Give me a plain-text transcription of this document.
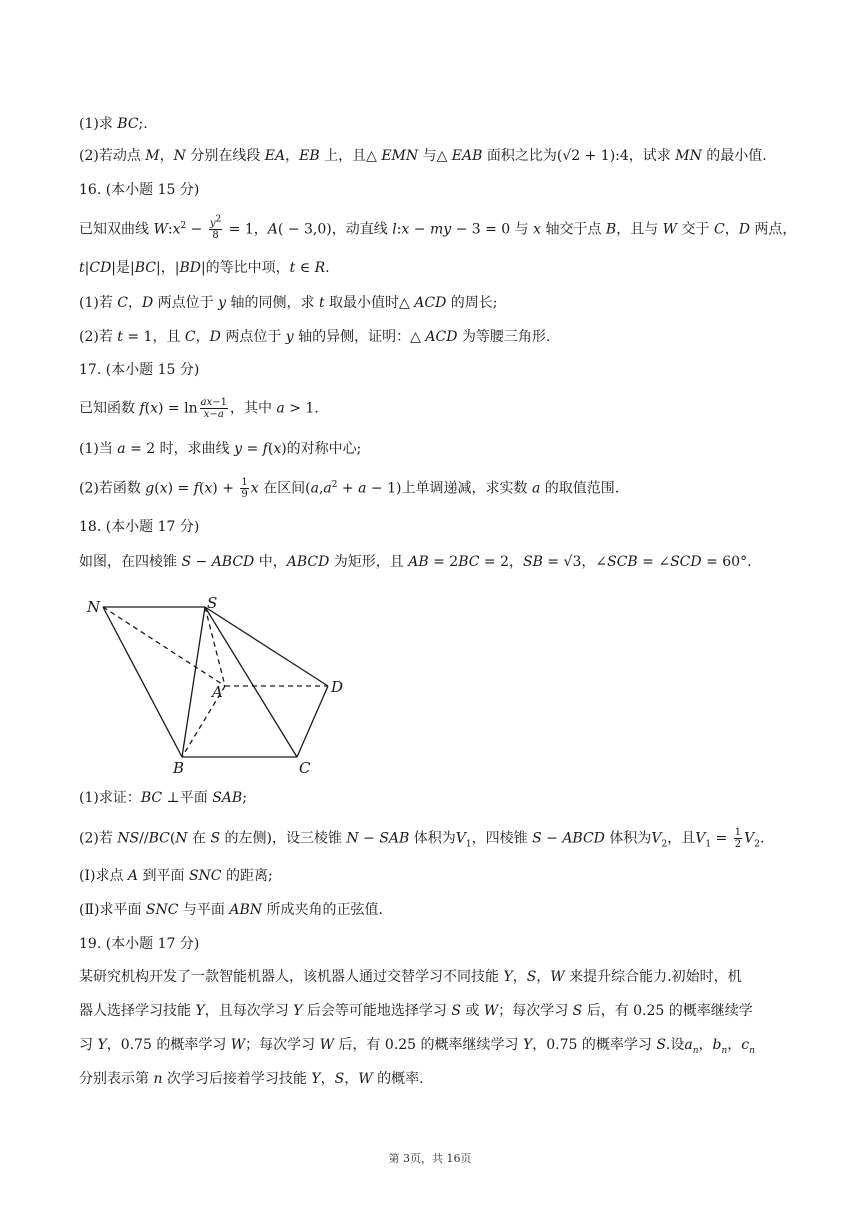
(1)求 BC;.
(2)若动点 M，N 分别在线段 EA，EB 上，且△ EMN 与△ EAB 面积之比为(√2 + 1):4，试求 MN 的最小值.
16. (本小题 15 分)
已知双曲线 $W:x^2 - \frac{y^2}{8} = 1$，A( − 3,0)，动直线 l:x − my − 3 = 0 与 x 轴交于点 B，且与 W 交于 C，D 两点，
t|CD|是|BC|，|BD|的等比中项，t ∈ R.
(1)若 C，D 两点位于 y 轴的同侧，求 t 取最小值时△ ACD 的周长;
(2)若 t = 1，且 C，D 两点位于 y 轴的异侧，证明：△ ACD 为等腰三角形.
17. (本小题 15 分)
已知函数 $f(x) = \ln \frac{ax-1}{x-a}$ ，其中 a > 1.
(1)当 a = 2 时，求曲线 y = f(x)的对称中心;
(2)若函数 $g(x) = f(x) + \frac{1}{9}$ x 在区间$(a,a^2 + a - 1)$上单调递减，求实数 a 的取值范围.
18. (本小题 17 分)
如图，在四棱锥 S − ABCD 中，ABCD 为矩形，且 AB = 2BC = 2，SB = √3，∠SCB = ∠SCD = 60°.
N	S
A	D
B	C
(1)求证：BC ⊥平面 SAB;
(2)若 NS//BC(N 在 S 的左侧)，设三棱锥 N − SAB 体积为$V_1$，四棱锥 S − ABCD 体积为$V_2$，且$V_1 = \frac{1}{2} V_2$.
(Ⅰ)求点 A 到平面 SNC 的距离;
(Ⅱ)求平面 SNC 与平面 ABN 所成夹角的正弦值.
19. (本小题 17 分)
某研究机构开发了一款智能机器人，该机器人通过交替学习不同技能 Y，S，W 来提升综合能力.初始时，机
器人选择学习技能 Y，且每次学习 Y 后会等可能地选择学习 S 或 W；每次学习 S 后，有 0.25 的概率继续学
习 Y，0.75 的概率学习 W；每次学习 W 后，有 0.25 的概率继续学习 Y，0.75 的概率学习 S.设$a_n$，$b_n$，$c_n$
分别表示第 n 次学习后接着学习技能 Y，S，W 的概率.
第 3页，共 16页
